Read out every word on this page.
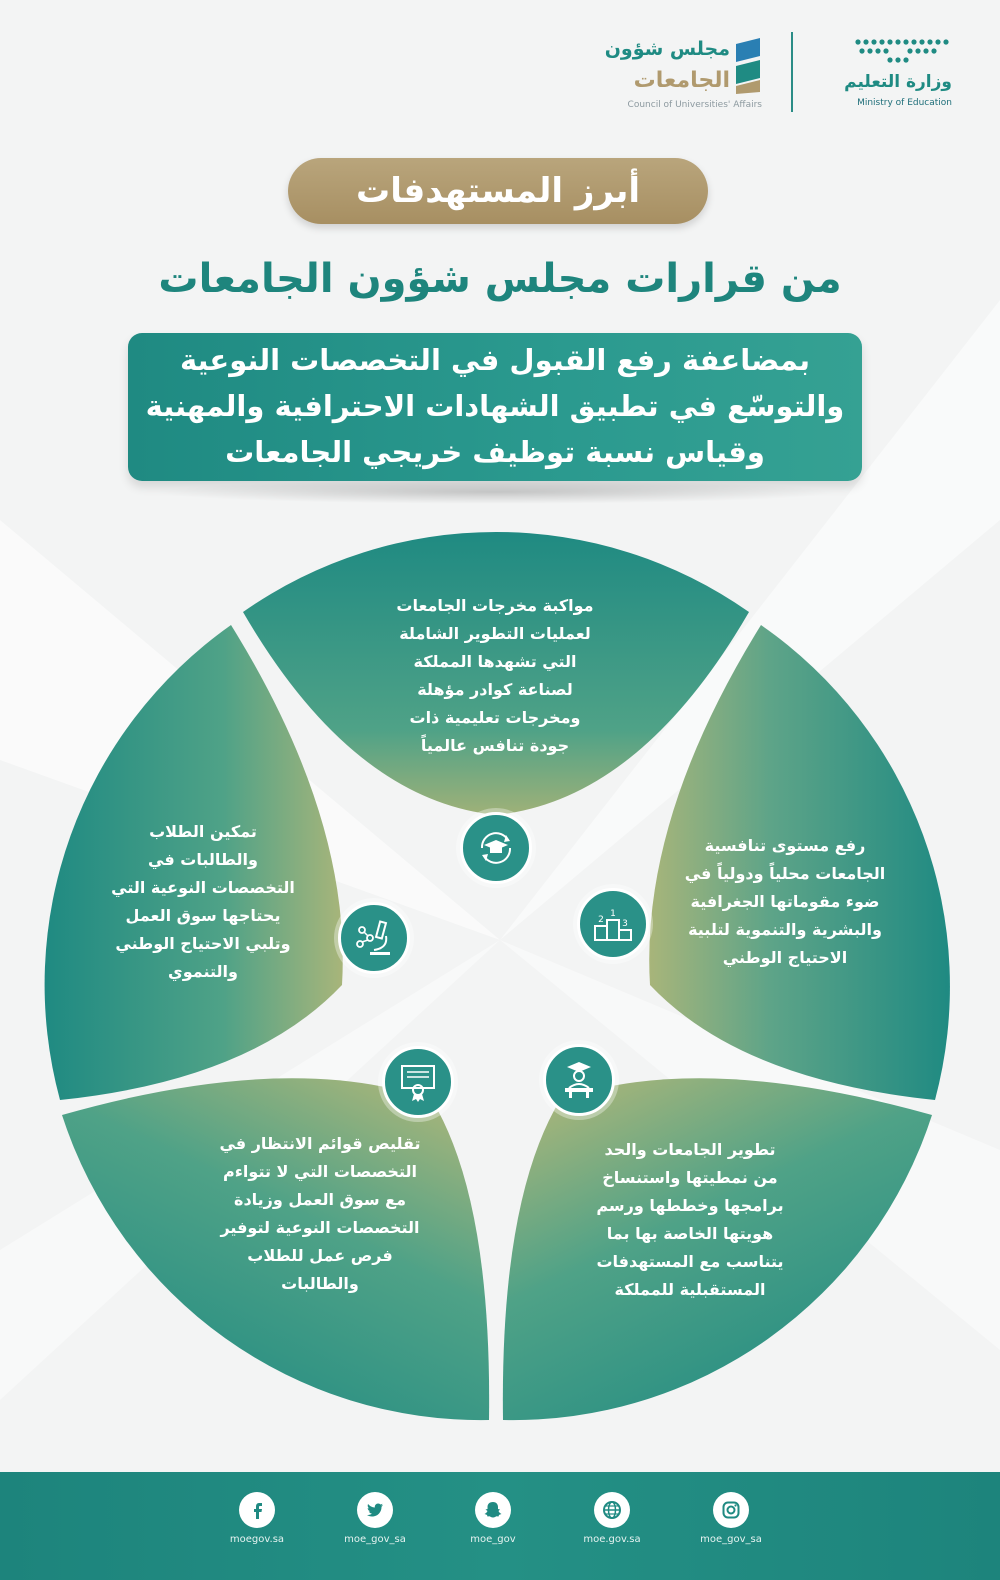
وزارة التعليم
Ministry of Education
مجلس شؤون
الجامعات
Council of Universities' Affairs
أبرز المستهدفات
من قرارات مجلس شؤون الجامعات
بمضاعفة رفع القبول في التخصصات النوعية
والتوسّع في تطبيق الشهادات الاحترافية والمهنية
وقياس نسبة توظيف خريجي الجامعات
مواكبة مخرجات الجامعات
لعمليات التطوير الشاملة
التي تشهدها المملكة
لصناعة كوادر مؤهلة
ومخرجات تعليمية ذات
جودة تنافس عالمياً
رفع مستوى تنافسية
الجامعات محلياً ودولياً في
ضوء مقوماتها الجغرافية
والبشرية والتنموية لتلبية
الاحتياج الوطني
تطوير الجامعات والحد
من نمطيتها واستنساخ
برامجها وخططها ورسم
هويتها الخاصة بها بما
يتناسب مع المستهدفات
المستقبلية للمملكة
تقليص قوائم الانتظار في
التخصصات التي لا تتواءم
مع سوق العمل وزيادة
التخصصات النوعية لتوفير
فرص عمل للطلاب
والطالبات
تمكين الطلاب
والطالبات في
التخصصات النوعية التي
يحتاجها سوق العمل
وتلبي الاحتياج الوطني
والتنموي
2
1
3
moegov.sa	moe_gov_sa	moe_gov	moe.gov.sa	moe_gov_sa
